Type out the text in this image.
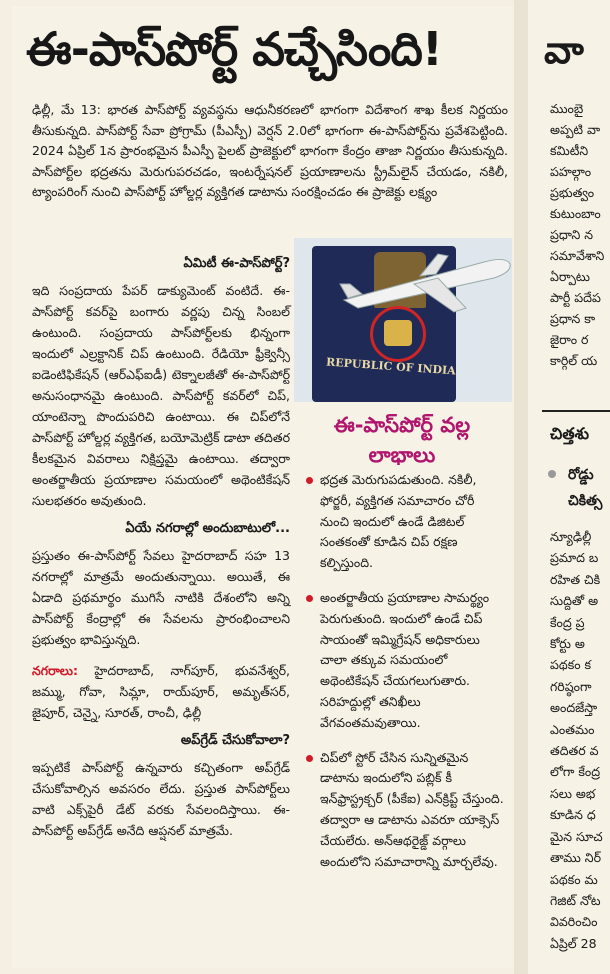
ఈ-పాస్‌పోర్ట్ వచ్చేసింది!

ఢిల్లీ, మే 13: భారత పాస్‌పోర్ట్ వ్యవస్థను ఆధునీకరణలో భాగంగా విదేశాంగ శాఖ కీలక నిర్ణయం తీసుకున్నది. పాస్‌పోర్ట్ సేవా ప్రోగ్రామ్ (పీఎస్పీ) వెర్షన్ 2.0లో భాగంగా ఈ-పాస్‌పోర్ట్‌ను ప్రవేశపెట్టింది. 2024 ఏప్రిల్ 1న ప్రారంభమైన పీఎస్పీ పైలట్ ప్రాజెక్టులో భాగంగా కేంద్రం తాజా నిర్ణయం తీసుకున్నది. పాస్‌పోర్ట్‌ల భద్రతను మెరుగుపరచడం, ఇంటర్నేషనల్ ప్రయాణాలను స్ట్రీమ్‌లైన్ చేయడం, నకిలీ, ట్యాంపరింగ్ నుంచి పాస్‌పోర్ట్ హోల్డర్ల వ్యక్తిగత డాటాను సంరక్షించడం ఈ ప్రాజెక్టు లక్ష్యం

ఏమిటీ ఈ-పాస్‌పోర్ట్?

ఇది సంప్రదాయ పేపర్ డాక్యుమెంట్ వంటిదే. ఈ-పాస్‌పోర్ట్ కవర్‌పై బంగారు వర్ణపు చిన్న సింబల్ ఉంటుంది. సంప్రదాయ పాస్‌పోర్ట్‌లకు భిన్నంగా ఇందులో ఎల్రక్టానిక్ చిప్ ఉంటుంది. రేడియో ఫ్రీక్వెన్సీ ఐడెంటిఫికేషన్ (ఆర్‌ఎఫ్‌ఐడీ) టెక్నాలజీతో ఈ-పాస్‌పోర్ట్ అనుసంధానమై ఉంటుంది. పాస్‌పోర్ట్ కవర్‌లో చిప్, యాంటెన్నా పొందుపరిచి ఉంటాయి. ఈ చిప్‌లోనే పాస్‌పోర్ట్ హోల్డర్ల వ్యక్తిగత, బయోమెట్రిక్ డాటా తదితర కీలకమైన వివరాలు నిక్షిప్తమై ఉంటాయి. తద్వారా అంతర్జాతీయ ప్రయాణాల సమయంలో అథెంటికేషన్ సులభతరం అవుతుంది.

ఏయే నగరాల్లో అందుబాటులో...

ప్రస్తుతం ఈ-పాస్‌పోర్ట్ సేవలు హైదరాబాద్ సహ 13 నగరాల్లో మాత్రమే అందుతున్నాయి. అయితే, ఈ ఏడాది ప్రథమార్థం ముగిసే నాటికి దేశంలోని అన్ని పాస్‌పోర్ట్ కేంద్రాల్లో ఈ సేవలను ప్రారంభించాలని ప్రభుత్వం భావిస్తున్నది.

నగరాలు: హైదరాబాద్, నాగ్‌పూర్, భువనేశ్వర్, జమ్ము, గోవా, సిమ్లా, రాయ్‌పూర్, అమృత్‌సర్, జైపూర్, చెన్నై, సూరత్, రాంచీ, ఢిల్లీ

అప్‌గ్రేడ్ చేసుకోవాలా?

ఇప్పటికే పాస్‌పోర్ట్ ఉన్నవారు కచ్చితంగా అప్‌గ్రేడ్ చేసుకోవాల్సిన అవసరం లేదు. ప్రస్తుత పాస్‌పోర్ట్‌లు వాటి ఎక్స్‌పైరీ డేట్ వరకు సేవలందిస్తాయి. ఈ-పాస్‌పోర్ట్ అప్‌గ్రేడ్ అనేది ఆప్షనల్ మాత్రమే.

REPUBLIC OF INDIA
ఈ-పాస్‌పోర్ట్ వల్ల లాభాలు
భద్రత మెరుగుపడుతుంది. నకిలీ, ఫోర్జరీ, వ్యక్తిగత సమాచారం చోరీ నుంచి ఇందులో ఉండే డిజిటల్ సంతకంతో కూడిన చిప్ రక్షణ కల్పిస్తుంది.
అంతర్జాతీయ ప్రయాణాల సామర్థ్యం పెరుగుతుంది. ఇందులో ఉండే చిప్ సాయంతో ఇమ్మిగ్రేషన్ అధికారులు చాలా తక్కువ సమయంలో అథెంటికేషన్ చేయగలుగుతారు. సరిహద్దుల్లో తనిఖీలు వేగవంతమవుతాయి.
చిప్‌లో స్టోర్ చేసిన సున్నితమైన డాటాను ఇందులోని పబ్లిక్ కీ ఇన్‌ఫ్రాస్ట్రక్చర్ (పీకేఐ) ఎన్‌క్రిప్ట్ చేస్తుంది. తద్వారా ఆ డాటాను ఎవరూ యాక్సెస్ చేయలేరు. అన్‌ఆథరైజ్డ్ వర్గాలు అందులోని సమాచారాన్ని మార్చలేవు.
వా
ముంబై
అప్పటి వా
కమిటీని
పహల్గాం
ప్రభుత్వం
కుటుంబాం
ప్రధాని న
సమావేశాని
ఏర్పాటు
పార్టీ పదేప
ప్రధాన కా
జైరాం ర
కార్గిల్ య
చిత్తశు
రోడ్డు
చికిత్స
న్యూఢిల్లీ
ప్రమాద బ
రహిత చికి
సుద్దితో అ
కేంద్ర ప్ర
కోర్టు అ
పథకం క
గరిష్ఠంగా
అందజేస్తా
ఎంతమం
తదితర వ
లోగా కేంద్ర
సలు అభ
కూడిన ధ
మైన సూచ
తాము నిర్
పథకం మ
గెజిట్ నోట
వివరించిం
ఏప్రిల్ 28
